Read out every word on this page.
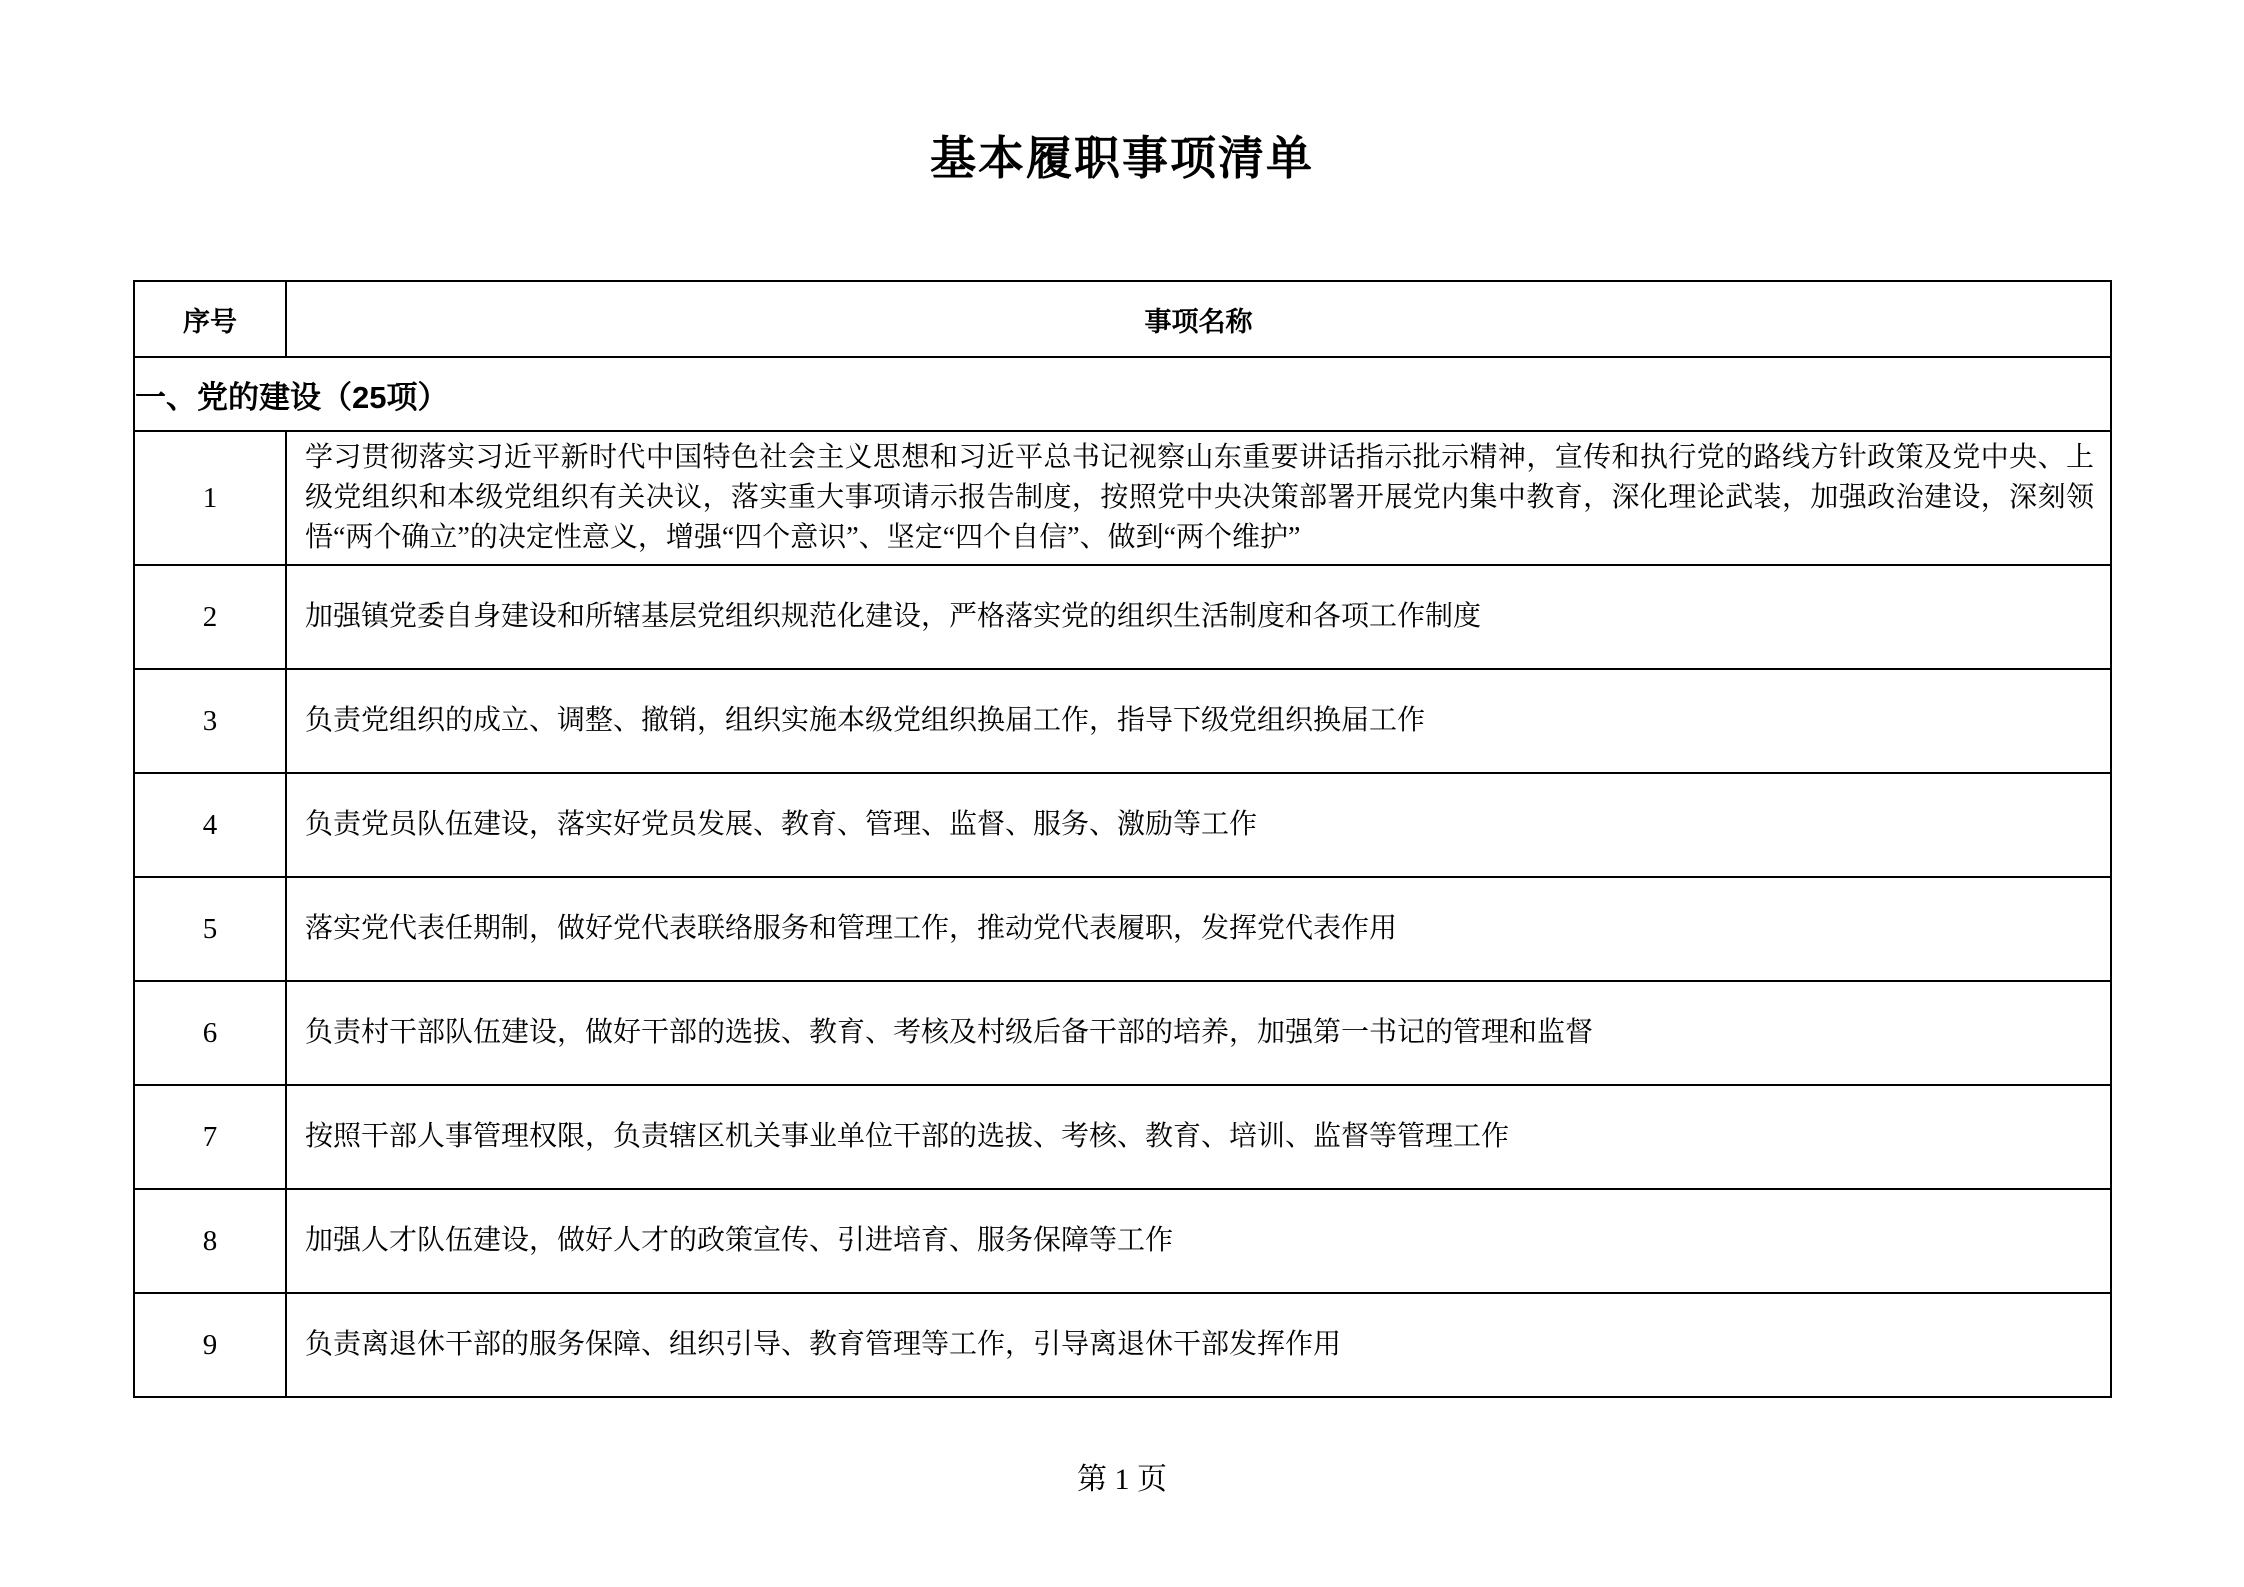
基本履职事项清单
序号	事项名称
一、党的建设（25项）	
1	学习贯彻落实习近平新时代中国特色社会主义思想和习近平总书记视察山东重要讲话指示批示精神，宣传和执行党的路线方针政策及党中央、上级党组织和本级党组织有关决议，落实重大事项请示报告制度，按照党中央决策部署开展党内集中教育，深化理论武装，加强政治建设，深刻领悟“两个确立”的决定性意义，增强“四个意识”、坚定“四个自信”、做到“两个维护”
2	加强镇党委自身建设和所辖基层党组织规范化建设，严格落实党的组织生活制度和各项工作制度
3	负责党组织的成立、调整、撤销，组织实施本级党组织换届工作，指导下级党组织换届工作
4	负责党员队伍建设，落实好党员发展、教育、管理、监督、服务、激励等工作
5	落实党代表任期制，做好党代表联络服务和管理工作，推动党代表履职，发挥党代表作用
6	负责村干部队伍建设，做好干部的选拔、教育、考核及村级后备干部的培养，加强第一书记的管理和监督
7	按照干部人事管理权限，负责辖区机关事业单位干部的选拔、考核、教育、培训、监督等管理工作
8	加强人才队伍建设，做好人才的政策宣传、引进培育、服务保障等工作
9	负责离退休干部的服务保障、组织引导、教育管理等工作，引导离退休干部发挥作用
第 1 页
